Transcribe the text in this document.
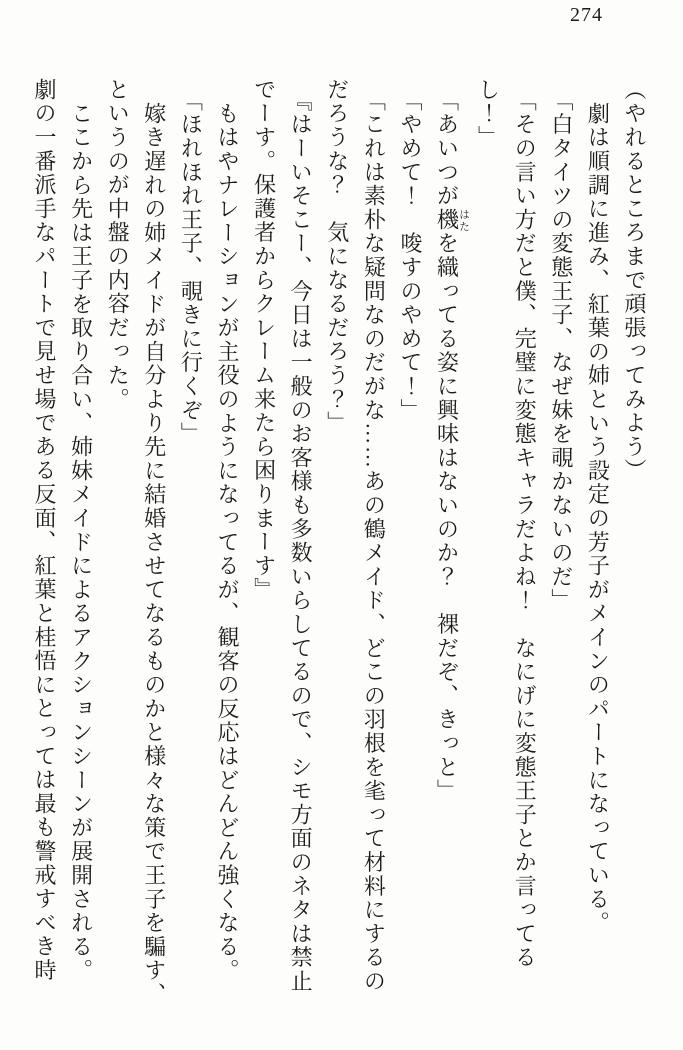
274

（やれるところまで頑張ってみよう）

劇は順調に進み、紅葉の姉という設定の芳子がメインのパートになっている。

「白タイツの変態王子、なぜ妹を覗かないのだ」

「その言い方だと僕、完璧に変態キャラだよね！　なにげに変態王子とか言ってる

し！」

「あいつが機はたを織ってる姿に興味はないのか？　裸だぞ、きっと」

「やめて！　唆すのやめて！」

「これは素朴な疑問なのだがな……あの鶴メイド、どこの羽根を毟って材料にするの

だろうな？　気になるだろう？」

『はーいそこー、今日は一般のお客様も多数いらしてるので、シモ方面のネタは禁止

でーす。保護者からクレーム来たら困りまーす』

もはやナレーションが主役のようになってるが、観客の反応はどんどん強くなる。

「ほれほれ王子、覗きに行くぞ」

嫁き遅れの姉メイドが自分より先に結婚させてなるものかと様々な策で王子を騙す、

というのが中盤の内容だった。

ここから先は王子を取り合い、姉妹メイドによるアクションシーンが展開される。

劇の一番派手なパートで見せ場である反面、紅葉と桂悟にとっては最も警戒すべき時
